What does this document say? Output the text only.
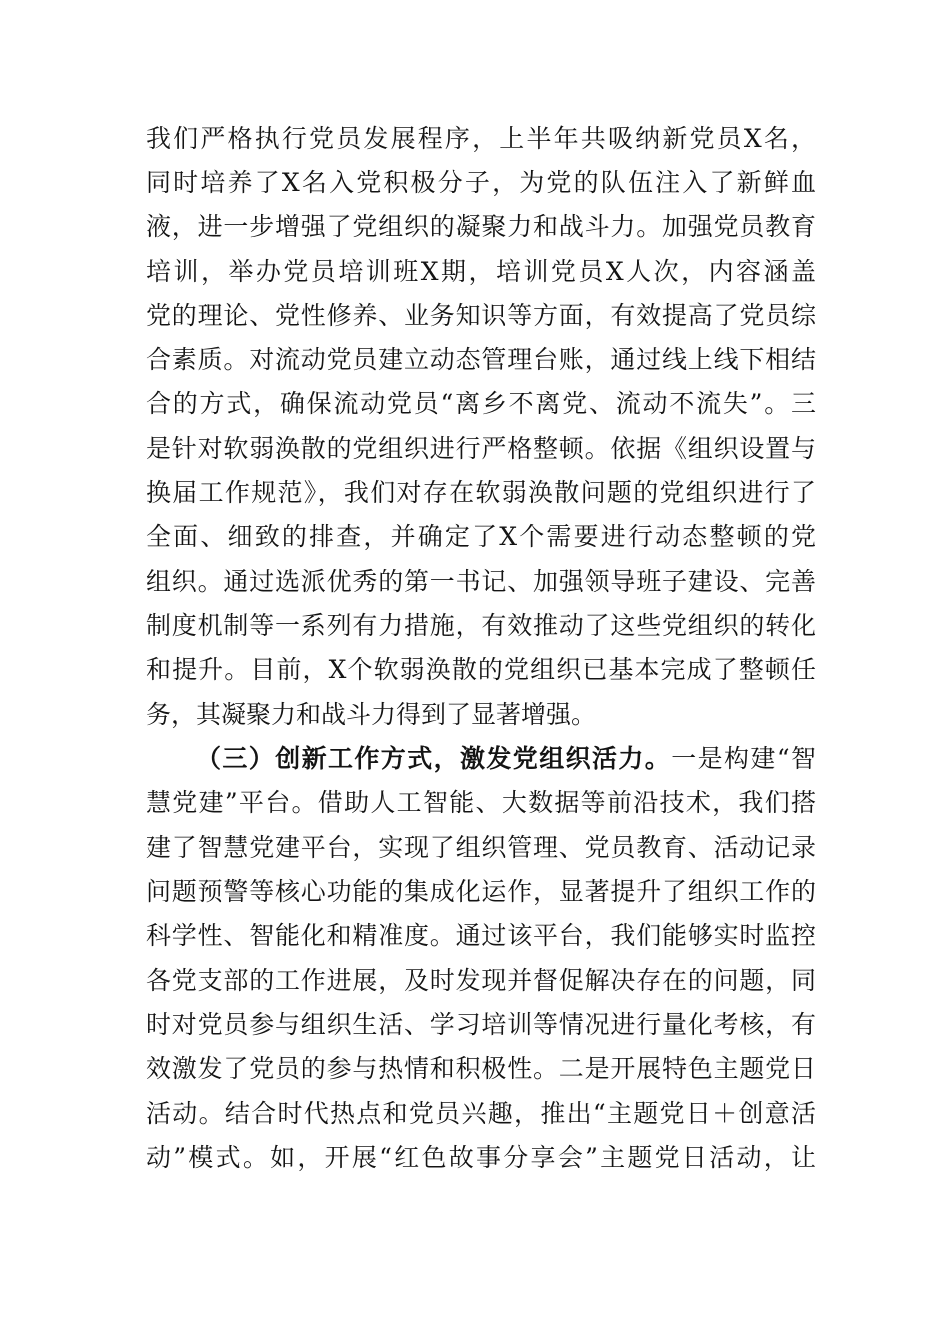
我们严格执行党员发展程序，上半年共吸纳新党员X名，
同时培养了X名入党积极分子，为党的队伍注入了新鲜血
液，进一步增强了党组织的凝聚力和战斗力。加强党员教育
培训，举办党员培训班X期，培训党员X人次，内容涵盖
党的理论、党性修养、业务知识等方面，有效提高了党员综
合素质。对流动党员建立动态管理台账，通过线上线下相结
合的方式，确保流动党员“离乡不离党、流动不流失”。三
是针对软弱涣散的党组织进行严格整顿。依据《组织设置与
换届工作规范》，我们对存在软弱涣散问题的党组织进行了
全面、细致的排查，并确定了X个需要进行动态整顿的党
组织。通过选派优秀的第一书记、加强领导班子建设、完善
制度机制等一系列有力措施，有效推动了这些党组织的转化
和提升。目前，X个软弱涣散的党组织已基本完成了整顿任
务，其凝聚力和战斗力得到了显著增强。
（三）创新工作方式，激发党组织活力。一是构建“智
慧党建”平台。借助人工智能、大数据等前沿技术，我们搭
建了智慧党建平台，实现了组织管理、党员教育、活动记录
问题预警等核心功能的集成化运作，显著提升了组织工作的
科学性、智能化和精准度。通过该平台，我们能够实时监控
各党支部的工作进展，及时发现并督促解决存在的问题，同
时对党员参与组织生活、学习培训等情况进行量化考核，有
效激发了党员的参与热情和积极性。二是开展特色主题党日
活动。结合时代热点和党员兴趣，推出“主题党日＋创意活
动”模式。如，开展“红色故事分享会”主题党日活动，让
